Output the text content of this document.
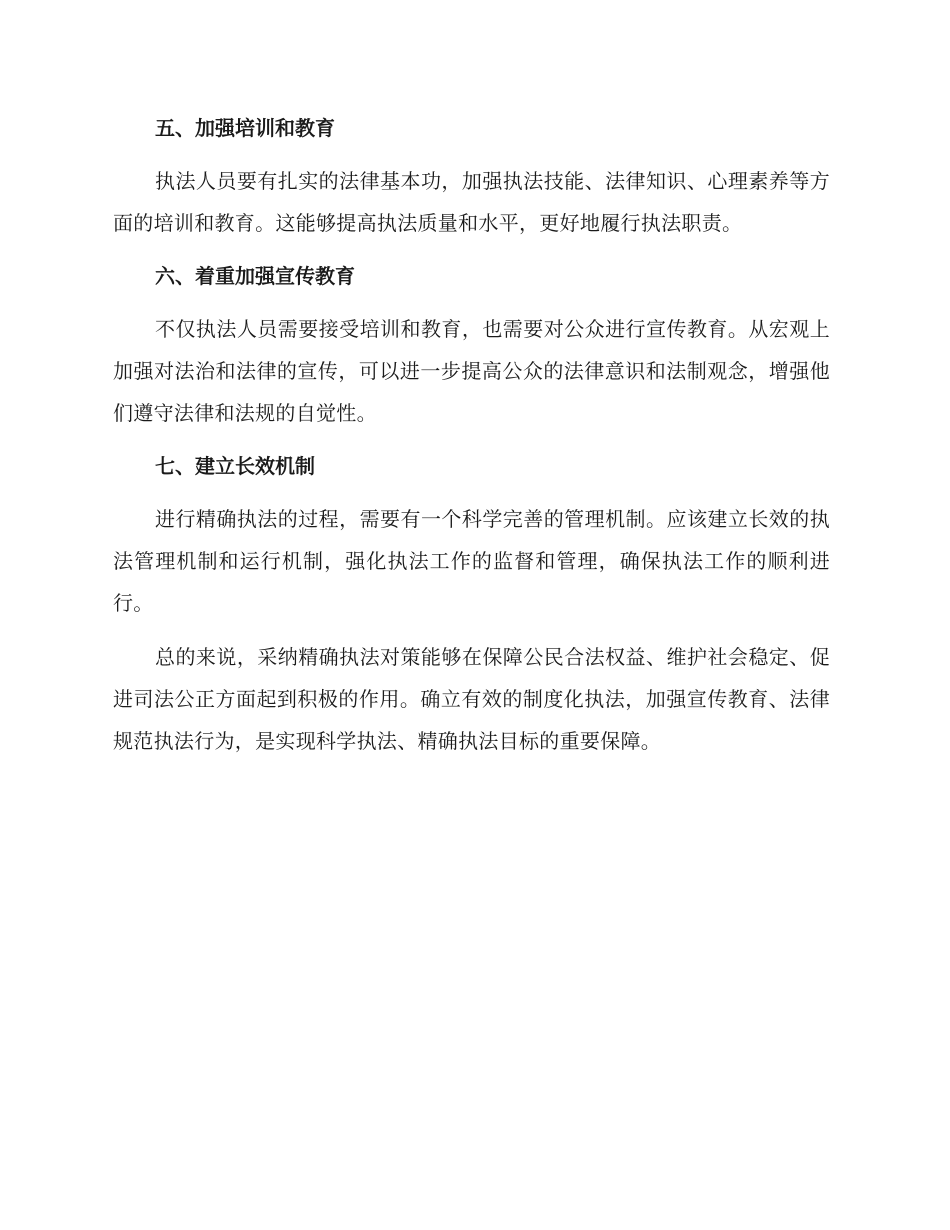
五、加强培训和教育

执法人员要有扎实的法律基本功，加强执法技能、法律知识、心理素养等方面的培训和教育。这能够提高执法质量和水平，更好地履行执法职责。

六、着重加强宣传教育

不仅执法人员需要接受培训和教育，也需要对公众进行宣传教育。从宏观上加强对法治和法律的宣传，可以进一步提高公众的法律意识和法制观念，增强他们遵守法律和法规的自觉性。

七、建立长效机制

进行精确执法的过程，需要有一个科学完善的管理机制。应该建立长效的执法管理机制和运行机制，强化执法工作的监督和管理，确保执法工作的顺利进行。

总的来说，采纳精确执法对策能够在保障公民合法权益、维护社会稳定、促进司法公正方面起到积极的作用。确立有效的制度化执法，加强宣传教育、法律规范执法行为，是实现科学执法、精确执法目标的重要保障。
